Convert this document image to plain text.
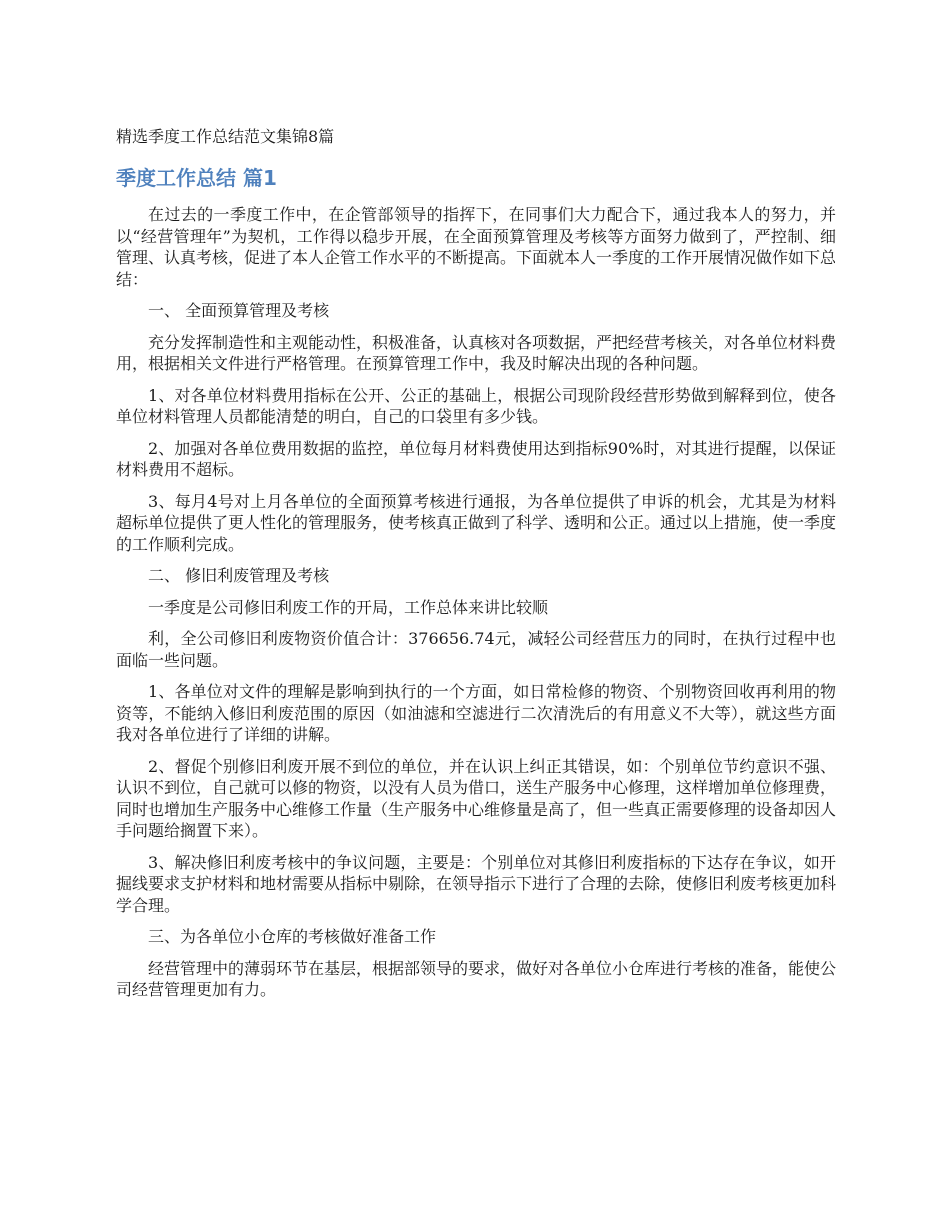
精选季度工作总结范文集锦8篇
季度工作总结 篇1

在过去的一季度工作中，在企管部领导的指挥下，在同事们大力配合下，通过我本人的努力，并以“经营管理年”为契机，工作得以稳步开展，在全面预算管理及考核等方面努力做到了，严控制、细管理、认真考核，促进了本人企管工作水平的不断提高。下面就本人一季度的工作开展情况做作如下总结：

一、 全面预算管理及考核

充分发挥制造性和主观能动性，积极准备，认真核对各项数据，严把经营考核关，对各单位材料费用，根据相关文件进行严格管理。在预算管理工作中，我及时解决出现的各种问题。

1、对各单位材料费用指标在公开、公正的基础上，根据公司现阶段经营形势做到解释到位，使各单位材料管理人员都能清楚的明白，自己的口袋里有多少钱。

2、加强对各单位费用数据的监控，单位每月材料费使用达到指标90%时，对其进行提醒，以保证材料费用不超标。

3、每月4号对上月各单位的全面预算考核进行通报，为各单位提供了申诉的机会，尤其是为材料超标单位提供了更人性化的管理服务，使考核真正做到了科学、透明和公正。通过以上措施，使一季度的工作顺利完成。

二、 修旧利废管理及考核

一季度是公司修旧利废工作的开局，工作总体来讲比较顺

利，全公司修旧利废物资价值合计：376656.74元，减轻公司经营压力的同时，在执行过程中也面临一些问题。

1、各单位对文件的理解是影响到执行的一个方面，如日常检修的物资、个别物资回收再利用的物资等，不能纳入修旧利废范围的原因（如油滤和空滤进行二次清洗后的有用意义不大等），就这些方面我对各单位进行了详细的讲解。

2、督促个别修旧利废开展不到位的单位，并在认识上纠正其错误，如：个别单位节约意识不强、认识不到位，自己就可以修的物资，以没有人员为借口，送生产服务中心修理，这样增加单位修理费，同时也增加生产服务中心维修工作量（生产服务中心维修量是高了，但一些真正需要修理的设备却因人手问题给搁置下来）。

3、解决修旧利废考核中的争议问题，主要是：个别单位对其修旧利废指标的下达存在争议，如开掘线要求支护材料和地材需要从指标中剔除，在领导指示下进行了合理的去除，使修旧利废考核更加科学合理。

三、为各单位小仓库的考核做好准备工作

经营管理中的薄弱环节在基层，根据部领导的要求，做好对各单位小仓库进行考核的准备，能使公司经营管理更加有力。
